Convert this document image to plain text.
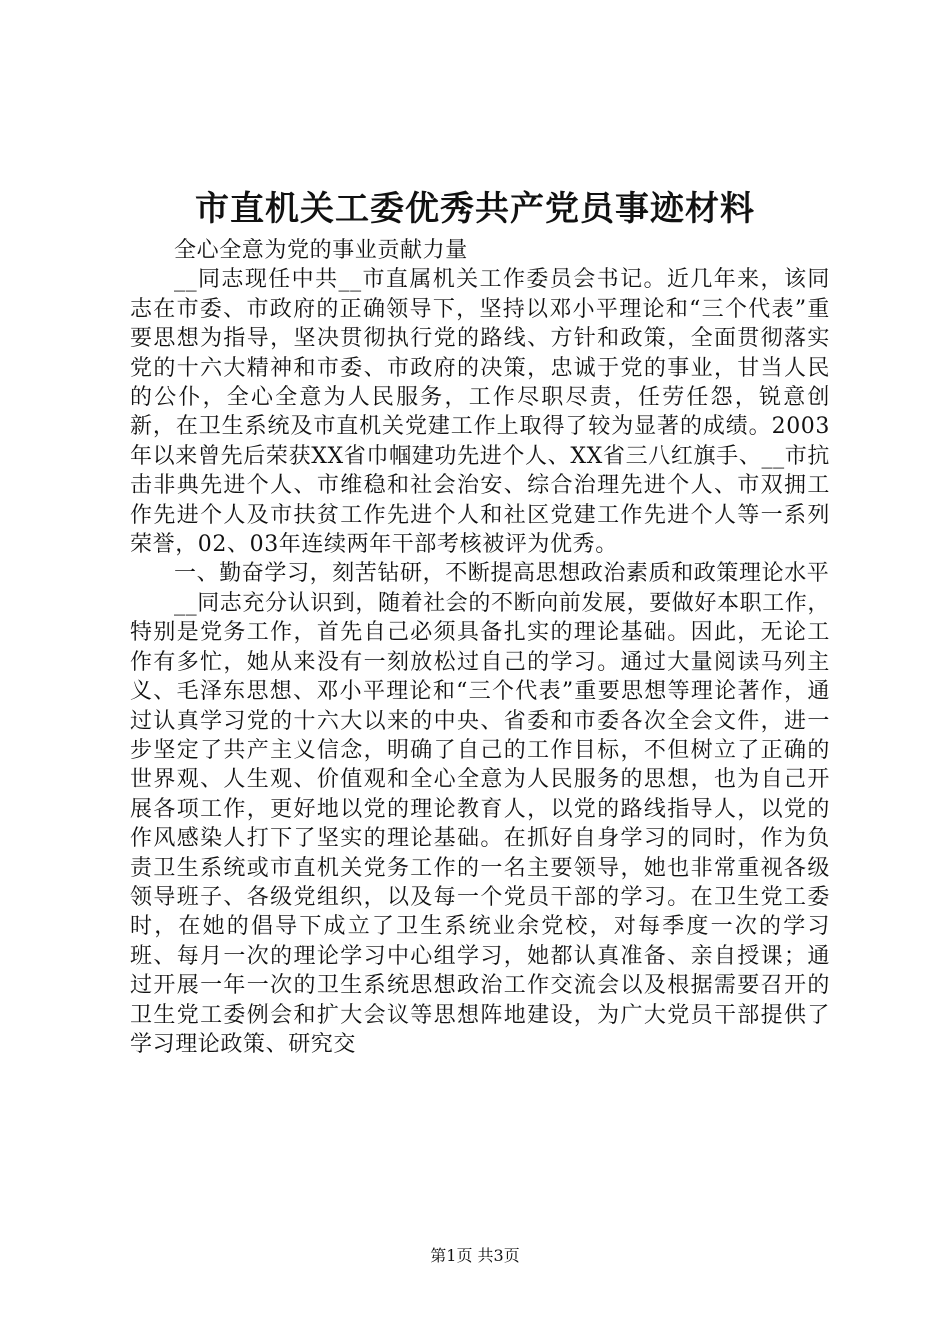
市直机关工委优秀共产党员事迹材料

全心全意为党的事业贡献力量

__同志现任中共__市直属机关工作委员会书记。近几年来，该同志在市委、市政府的正确领导下，坚持以邓小平理论和“三个代表”重要思想为指导，坚决贯彻执行党的路线、方针和政策，全面贯彻落实党的十六大精神和市委、市政府的决策，忠诚于党的事业，甘当人民的公仆，全心全意为人民服务，工作尽职尽责，任劳任怨，锐意创新，在卫生系统及市直机关党建工作上取得了较为显著的成绩。2003年以来曾先后荣获XX省巾帼建功先进个人、XX省三八红旗手、__市抗击非典先进个人、市维稳和社会治安、综合治理先进个人、市双拥工作先进个人及市扶贫工作先进个人和社区党建工作先进个人等一系列荣誉，02、03年连续两年干部考核被评为优秀。

一、勤奋学习，刻苦钻研，不断提高思想政治素质和政策理论水平

__同志充分认识到，随着社会的不断向前发展，要做好本职工作，特别是党务工作，首先自己必须具备扎实的理论基础。因此，无论工作有多忙，她从来没有一刻放松过自己的学习。通过大量阅读马列主义、毛泽东思想、邓小平理论和“三个代表”重要思想等理论著作，通过认真学习党的十六大以来的中央、省委和市委各次全会文件，进一步坚定了共产主义信念，明确了自己的工作目标，不但树立了正确的世界观、人生观、价值观和全心全意为人民服务的思想，也为自己开展各项工作，更好地以党的理论教育人，以党的路线指导人，以党的作风感染人打下了坚实的理论基础。在抓好自身学习的同时，作为负责卫生系统或市直机关党务工作的一名主要领导，她也非常重视各级领导班子、各级党组织，以及每一个党员干部的学习。在卫生党工委时，在她的倡导下成立了卫生系统业余党校，对每季度一次的学习班、每月一次的理论学习中心组学习，她都认真准备、亲自授课；通过开展一年一次的卫生系统思想政治工作交流会以及根据需要召开的卫生党工委例会和扩大会议等思想阵地建设，为广大党员干部提供了学习理论政策、研究交

第1页 共3页
